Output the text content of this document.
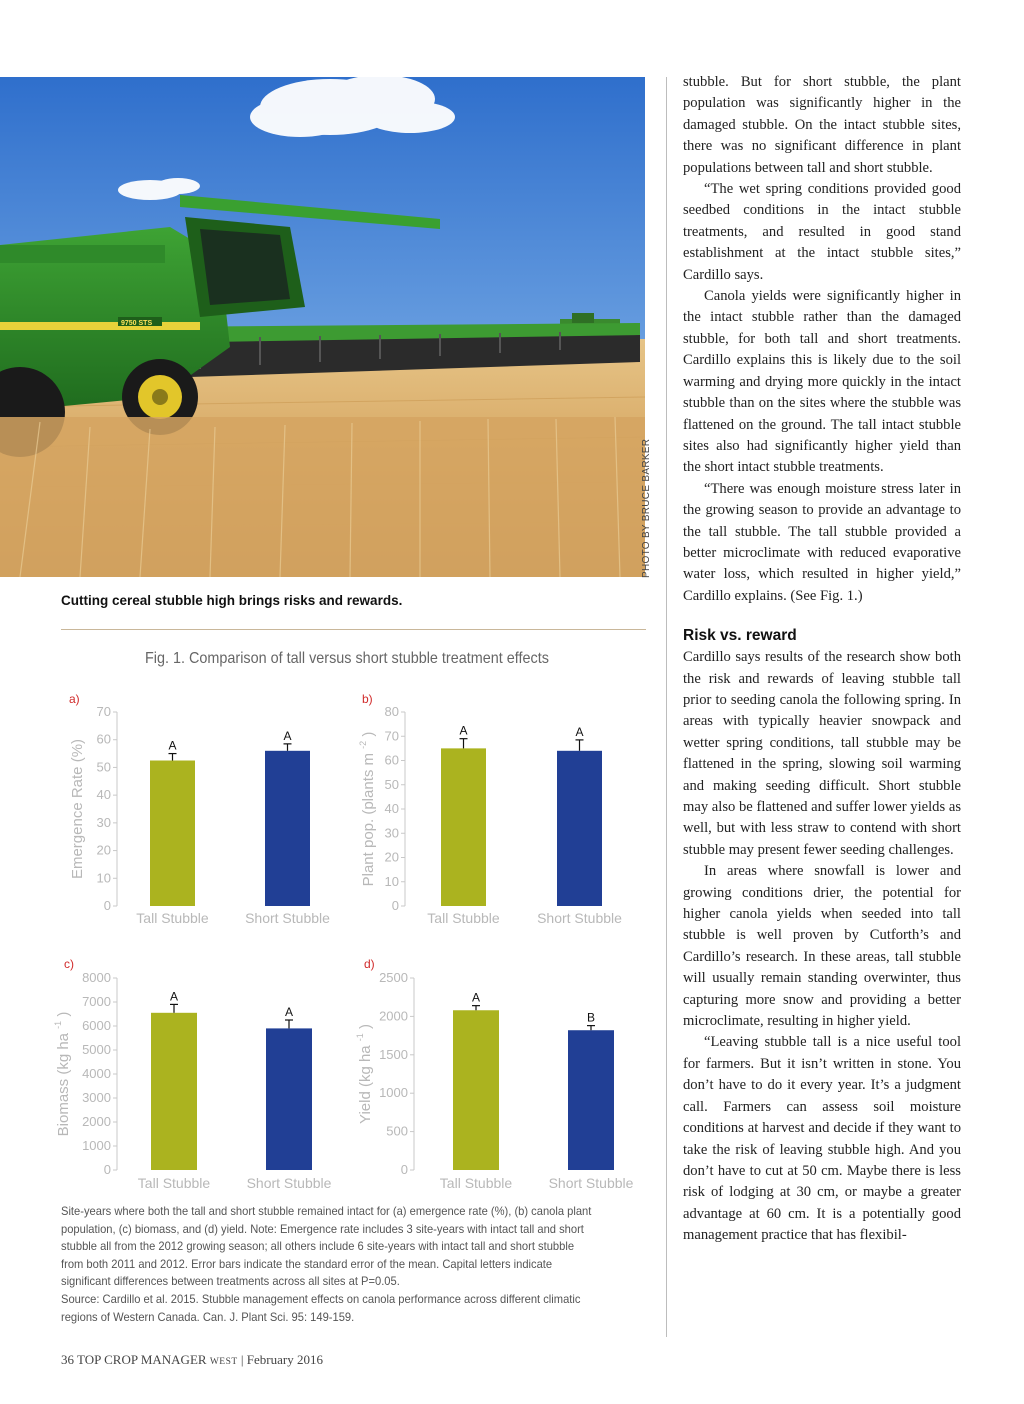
9750 STS
PHOTO BY BRUCE BARKER
Cutting cereal stubble high brings risks and rewards.
Fig. 1. Comparison of tall versus short stubble treatment effects
a)
0
10
20
30
40
50
60
70
Emergence Rate (%)	A
Tall Stubble
A
Short Stubble
b)
0
10
20
30
40
50
60
70
80
Plant pop. (plants m $^{-2}$ )	A
Tall Stubble
A
Short Stubble
c)
0
1000
2000
3000
4000
5000
6000
7000
8000
Biomass (kg ha $^{-1}$ )
A
Tall Stubble
A
Short Stubble
d)
0
500
1000
1500
2000
2500
Yield (kg ha $^{-1}$ )
A
Tall Stubble
B
Short Stubble

Site-years where both the tall and short stubble remained intact for (a) emergence rate (%), (b) canola plant population, (c) biomass, and (d) yield. Note: Emergence rate includes 3 site-years with intact tall and short stubble all from the 2012 growing season; all others include 6 site-years with intact tall and short stubble from both 2011 and 2012. Error bars indicate the standard error of the mean. Capital letters indicate significant differences between treatments across all sites at P=0.05.

Source: Cardillo et al. 2015. Stubble management effects on canola performance across different climatic regions of Western Canada. Can. J. Plant Sci. 95: 149-159.

stubble. But for short stubble, the plant population was significantly higher in the damaged stubble. On the intact stubble sites, there was no significant difference in plant populations between tall and short stubble.

“The wet spring conditions provided good seedbed conditions in the intact stubble treatments, and resulted in good stand establishment at the intact stubble sites,” Cardillo says.

Canola yields were significantly higher in the intact stubble rather than the damaged stubble, for both tall and short treatments. Cardillo explains this is likely due to the soil warming and drying more quickly in the intact stubble than on the sites where the stubble was flattened on the ground. The tall intact stubble sites also had significantly higher yield than the short intact stubble treatments.

“There was enough moisture stress later in the growing season to provide an advantage to the tall stubble. The tall stubble provided a better microclimate with reduced evaporative water loss, which resulted in higher yield,” Cardillo explains. (See Fig. 1.)

Risk vs. reward

Cardillo says results of the research show both the risk and rewards of leaving stubble tall prior to seeding canola the following spring. In areas with typically heavier snowpack and wetter spring conditions, tall stubble may be flattened in the spring, slowing soil warming and making seeding difficult. Short stubble may also be flattened and suffer lower yields as well, but with less straw to contend with short stubble may present fewer seeding challenges.

In areas where snowfall is lower and growing conditions drier, the potential for higher canola yields when seeded into tall stubble is well proven by Cutforth’s and Cardillo’s research. In these areas, tall stubble will usually remain standing overwinter, thus capturing more snow and providing a better microclimate, resulting in higher yield.

“Leaving stubble tall is a nice useful tool for farmers. But it isn’t written in stone. You don’t have to do it every year. It’s a judgment call. Farmers can assess soil moisture conditions at harvest and decide if they want to take the risk of leaving stubble high. And you don’t have to cut at 50 cm. Maybe there is less risk of lodging at 30 cm, or maybe a greater advantage at 60 cm. It is a potentially good management practice that has flexibil-

36 TOP CROP MANAGER WEST | February 2016
